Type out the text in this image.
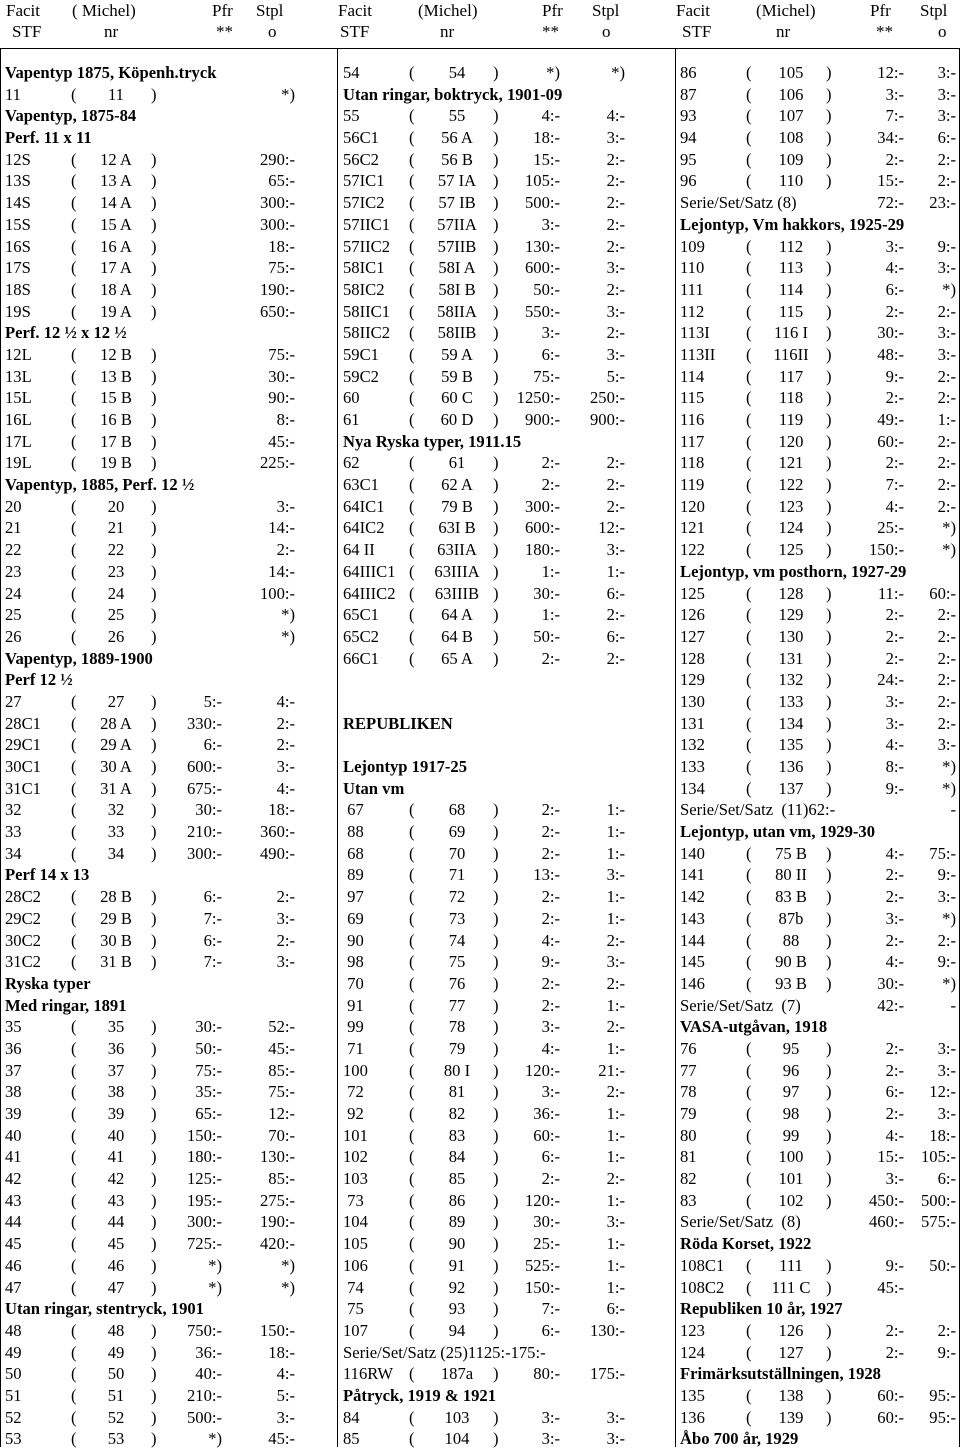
Facit ( Michel)	Pfr Stpl
STF	nr	** o
Facit	(Michel)	Pfr Stpl
STF	nr	**	o
Facit	(Michel)	Pfr Stpl
STF	nr	**	o
Vapentyp 1875, Köpenh.tryck
11	(	11	)	*)
Vapentyp, 1875-84
Perf. 11 x 11
12S (	12 A	)	290:-
13S (	13 A	)	65:-
14S (	14 A	)	300:-
15S (	15 A	)	300:-
16S (	16 A	)	18:-
17S (	17 A	)	75:-
18S (	18 A	)	190:-
19S (	19 A	)	650:-
Perf. 12 ½ x 12 ½
12L (	12 B	)	75:-
13L (	13 B	)	30:-
15L (	15 B	)	90:-
16L (	16 B	)	8:-
17L (	17 B	)	45:-
19L (	19 B	)	225:-
Vapentyp, 1885, Perf. 12 ½
20	(	20	)	3:-
21	(	21	)	14:-
22	(	22	)	2:-
23	(	23	)	14:-
24	(	24	)	100:-
25	(	25	)	*)
26	(	26	)	*)
Vapentyp, 1889-1900
Perf 12 ½
27	(	27	)	5:-	4:-
28C1 (	28 A	) 330:-	2:-
29C1 (	29 A	)	6:-	2:-
30C1 (	30 A	) 600:-	3:-
31C1 (	31 A	) 675:-	4:-
32	(	32	) 30:-	18:-
33	(	33	) 210:- 360:-
34	(	34	) 300:- 490:-
Perf 14 x 13
28C2 (	28 B	)	6:-	2:-
29C2 (	29 B	)	7:-	3:-
30C2 (	30 B	)	6:-	2:-
31C2 (	31 B	)	7:-	3:-
Ryska typer
Med ringar, 1891
35	(	35	) 30:-	52:-
36	(	36	) 50:-	45:-
37	(	37	) 75:-	85:-
38	(	38	) 35:-	75:-
39	(	39	) 65:-	12:-
40	(	40	) 150:-	70:-
41	(	41	) 180:- 130:-
42	(	42	) 125:-	85:-
43	(	43	) 195:- 275:-
44	(	44	) 300:- 190:-
45	(	45	) 725:- 420:-
46	(	46	)	*)	*)
47	(	47	)	*)	*)
Utan ringar, stentryck, 1901
48	(	48	) 750:- 150:-
49	(	49	) 36:-	18:-
50	(	50	) 40:-	4:-
51	(	51	) 210:-	5:-
52	(	52	) 500:-	3:-
53	(	53	)	*)	45:-
54	(	54	)	*)	*)
Utan ringar, boktryck, 1901-09
55	(	55	)	4:-	4:-
56C1 (	56 A	) 18:-	3:-
56C2 (	56 B	) 15:-	2:-
57IC1 (	57 IA	) 105:-	2:-
57IC2 (	57 IB	) 500:-	2:-
57IIC1 (	57IIA )	3:-	2:-
57IIC2 (	57IIB	) 130:-	2:-
58IC1 (	58I A	) 600:-	3:-
58IC2 (	58I B	) 50:-	2:-
58IIC1 (	58IIA ) 550:-	3:-
58IIC2 (	58IIB	)	3:-	2:-
59C1 (	59 A	)	6:-	3:-
59C2 (	59 B	) 75:-	5:-
60	(	60 C	) 1250:- 250:-
61	(	60 D	) 900:- 900:-
Nya Ryska typer, 1911.15
62	(	61	)	2:-	2:-
63C1 (	62 A	)	2:-	2:-
64IC1 (	79 B	) 300:-	2:-
64IC2 (	63I B	) 600:- 12:-
64 II (	63IIA ) 180:-	3:-
64IIIC1 (	63IIIA )	1:-	1:-
64IIIC2 (	63IIIB ) 30:-	6:-
65C1 (	64 A	)	1:-	2:-
65C2 (	64 B	) 50:-	6:-
66C1 (	65 A	)	2:-	2:-
REPUBLIKEN
Lejontyp 1917-25
Utan vm
67	(	68	)	2:-	1:-
88	(	69	)	2:-	1:-
68	(	70	)	2:-	1:-
89	(	71	) 13:-	3:-
97	(	72	)	2:-	1:-
69	(	73	)	2:-	1:-
90	(	74	)	4:-	2:-
98	(	75	)	9:-	3:-
70	(	76	)	2:-	2:-
91	(	77	)	2:-	1:-
99	(	78	)	3:-	2:-
71	(	79	)	4:-	1:-
100 (	80 I	) 120:- 21:-
72	(	81	)	3:-	2:-
92	(	82	) 36:-	1:-
101 (	83	) 60:-	1:-
102 (	84	)	6:-	1:-
103 (	85	)	2:-	2:-
73	(	86	) 120:-	1:-
104 (	89	) 30:-	3:-
105 (	90	) 25:-	1:-
106 (	91	) 525:-	1:-
74	(	92	) 150:-	1:-
75	(	93	)	7:-	6:-
107 (	94	)	6:- 130:-
Serie/Set/Satz (25)1125:-175:-
116RW (	187a	) 80:- 175:-
Påtryck, 1919 & 1921
84	(	103	)	3:-	3:-
85	(	104	)	3:-	3:-
86	(	105	)	12:- 3:-
87	(	106	)	3:- 3:-
93	(	107	)	7:- 3:-
94	(	108	)	34:- 6:-
95	(	109	)	2:- 2:-
96	(	110	)	15:- 2:-
Serie/Set/Satz (8)	72:- 23:-
Lejontyp, Vm hakkors, 1925-29
109 (	112	)	3:- 9:-
110	(	113	)	4:- 3:-
111	(	114	)	6:- *)
112	(	115	)	2:- 2:-
113I (	116 I	)	30:- 3:-
113II (	116II	)	48:- 3:-
114	(	117	)	9:- 2:-
115	(	118	)	2:- 2:-
116	(	119	)	49:- 1:-
117	(	120	)	60:- 2:-
118	(	121	)	2:- 2:-
119	(	122	)	7:- 2:-
120 (	123	)	4:- 2:-
121 (	124	)	25:- *)
122 (	125	) 150:- *)
Lejontyp, vm posthorn, 1927-29
125 (	128	)	11:- 60:-
126 (	129	)	2:- 2:-
127 (	130	)	2:- 2:-
128 (	131	)	2:- 2:-
129 (	132	)	24:- 2:-
130 (	133	)	3:- 2:-
131 (	134	)	3:- 2:-
132 (	135	)	4:- 3:-
133 (	136	)	8:- *)
134 (	137	)	9:- *)
Serie/Set/Satz  (11)62:-	-
Lejontyp, utan vm, 1929-30
140 (	75 B	)	4:- 75:-
141 (	80 II	)	2:- 9:-
142 (	83 B	)	2:- 3:-
143 (	87b	)	3:- *)
144 (	88	)	2:- 2:-
145 (	90 B	)	4:- 9:-
146 (	93 B	)	30:- *)
Serie/Set/Satz  (7)	42:-	-
VASA-utgåvan, 1918
76	(	95	)	2:- 3:-
77	(	96	)	2:- 3:-
78	(	97	)	6:- 12:-
79	(	98	)	2:- 3:-
80	(	99	)	4:- 18:-
81	(	100	)	15:- 105:-
82	(	101	)	3:- 6:-
83	(	102	) 450:- 500:-
Serie/Set/Satz  (8)	460:- 575:-
Röda Korset, 1922
108C1 (	111	)	9:- 50:-
108C2 (	111 C )	45:-
Republiken 10 år, 1927
123 (	126	)	2:- 2:-
124 (	127	)	2:- 9:-
Frimärksutställningen, 1928
135 (	138	)	60:- 95:-
136 (	139	)	60:- 95:-
Åbo 700 år, 1929
